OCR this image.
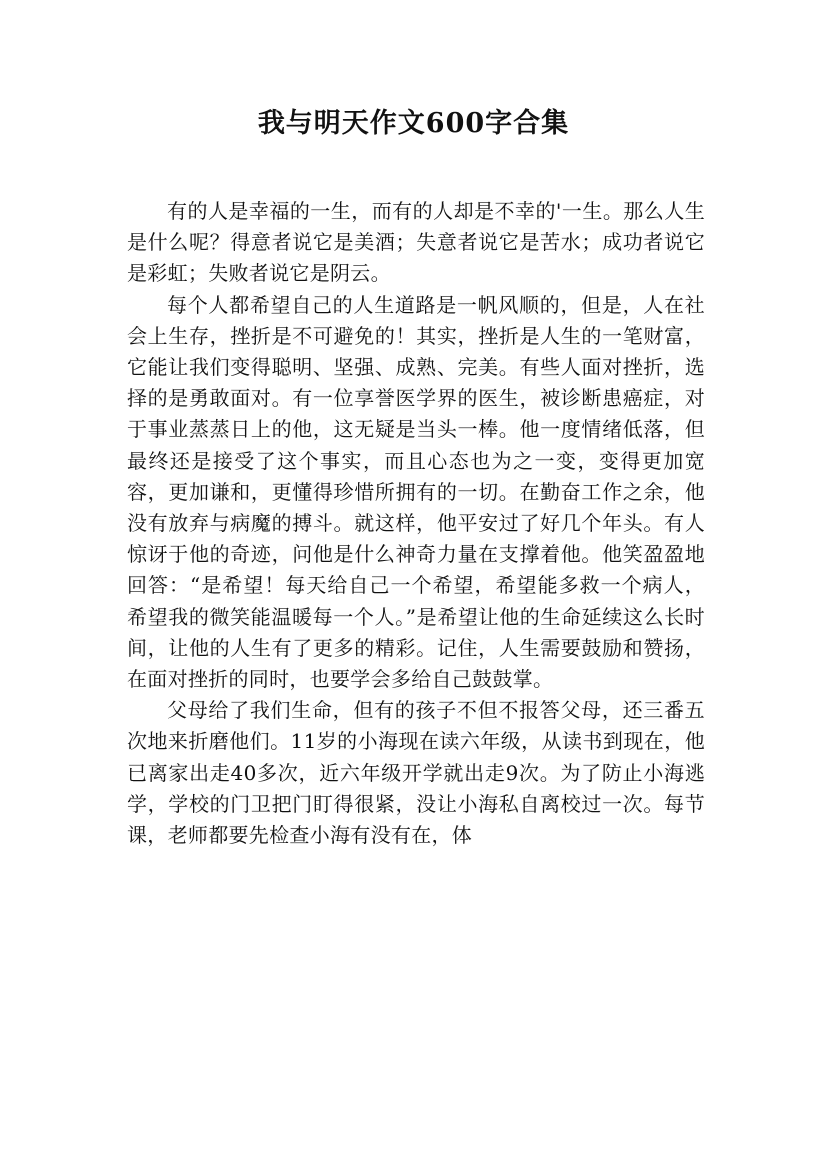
我与明天作文600字合集

有的人是幸福的一生，而有的人却是不幸的'一生。那么人生是什么呢？得意者说它是美酒；失意者说它是苦水；成功者说它是彩虹；失败者说它是阴云。

每个人都希望自己的人生道路是一帆风顺的，但是，人在社会上生存，挫折是不可避免的！其实，挫折是人生的一笔财富，它能让我们变得聪明、坚强、成熟、完美。有些人面对挫折，选择的是勇敢面对。有一位享誉医学界的医生，被诊断患癌症，对于事业蒸蒸日上的他，这无疑是当头一棒。他一度情绪低落，但最终还是接受了这个事实，而且心态也为之一变，变得更加宽容，更加谦和，更懂得珍惜所拥有的一切。在勤奋工作之余，他没有放弃与病魔的搏斗。就这样，他平安过了好几个年头。有人惊讶于他的奇迹，问他是什么神奇力量在支撑着他。他笑盈盈地回答：“是希望！每天给自己一个希望，希望能多救一个病人，希望我的微笑能温暖每一个人。”是希望让他的生命延续这么长时间，让他的人生有了更多的精彩。记住，人生需要鼓励和赞扬，在面对挫折的同时，也要学会多给自己鼓鼓掌。

父母给了我们生命，但有的孩子不但不报答父母，还三番五次地来折磨他们。11岁的小海现在读六年级，从读书到现在，他已离家出走40多次，近六年级开学就出走9次。为了防止小海逃学，学校的门卫把门盯得很紧，没让小海私自离校过一次。每节课，老师都要先检查小海有没有在，体
